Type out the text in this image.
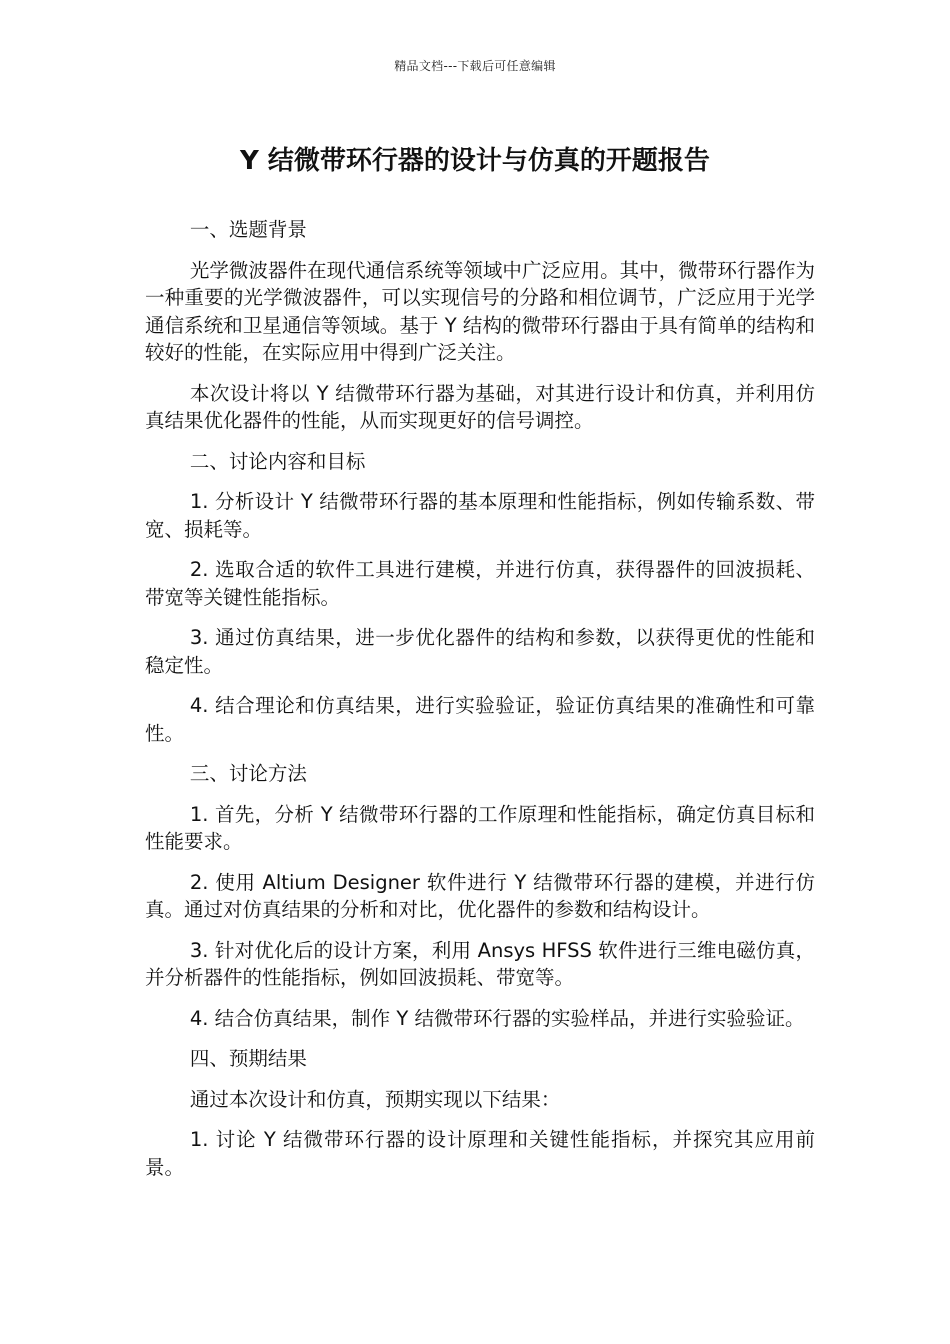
精品文档---下载后可任意编辑
Y 结微带环行器的设计与仿真的开题报告

一、选题背景

光学微波器件在现代通信系统等领域中广泛应用。其中，微带环行器作为一种重要的光学微波器件，可以实现信号的分路和相位调节，广泛应用于光学通信系统和卫星通信等领域。基于 Y 结构的微带环行器由于具有简单的结构和较好的性能，在实际应用中得到广泛关注。

本次设计将以 Y 结微带环行器为基础，对其进行设计和仿真，并利用仿真结果优化器件的性能，从而实现更好的信号调控。

二、讨论内容和目标

1. 分析设计 Y 结微带环行器的基本原理和性能指标，例如传输系数、带宽、损耗等。

2. 选取合适的软件工具进行建模，并进行仿真，获得器件的回波损耗、带宽等关键性能指标。

3. 通过仿真结果，进一步优化器件的结构和参数，以获得更优的性能和稳定性。

4. 结合理论和仿真结果，进行实验验证，验证仿真结果的准确性和可靠性。

三、讨论方法

1. 首先，分析 Y 结微带环行器的工作原理和性能指标，确定仿真目标和性能要求。

2. 使用 Altium Designer 软件进行 Y 结微带环行器的建模，并进行仿真。通过对仿真结果的分析和对比，优化器件的参数和结构设计。

3. 针对优化后的设计方案，利用 Ansys HFSS 软件进行三维电磁仿真，并分析器件的性能指标，例如回波损耗、带宽等。

4. 结合仿真结果，制作 Y 结微带环行器的实验样品，并进行实验验证。

四、预期结果

通过本次设计和仿真，预期实现以下结果：

1. 讨论 Y 结微带环行器的设计原理和关键性能指标，并探究其应用前景。
